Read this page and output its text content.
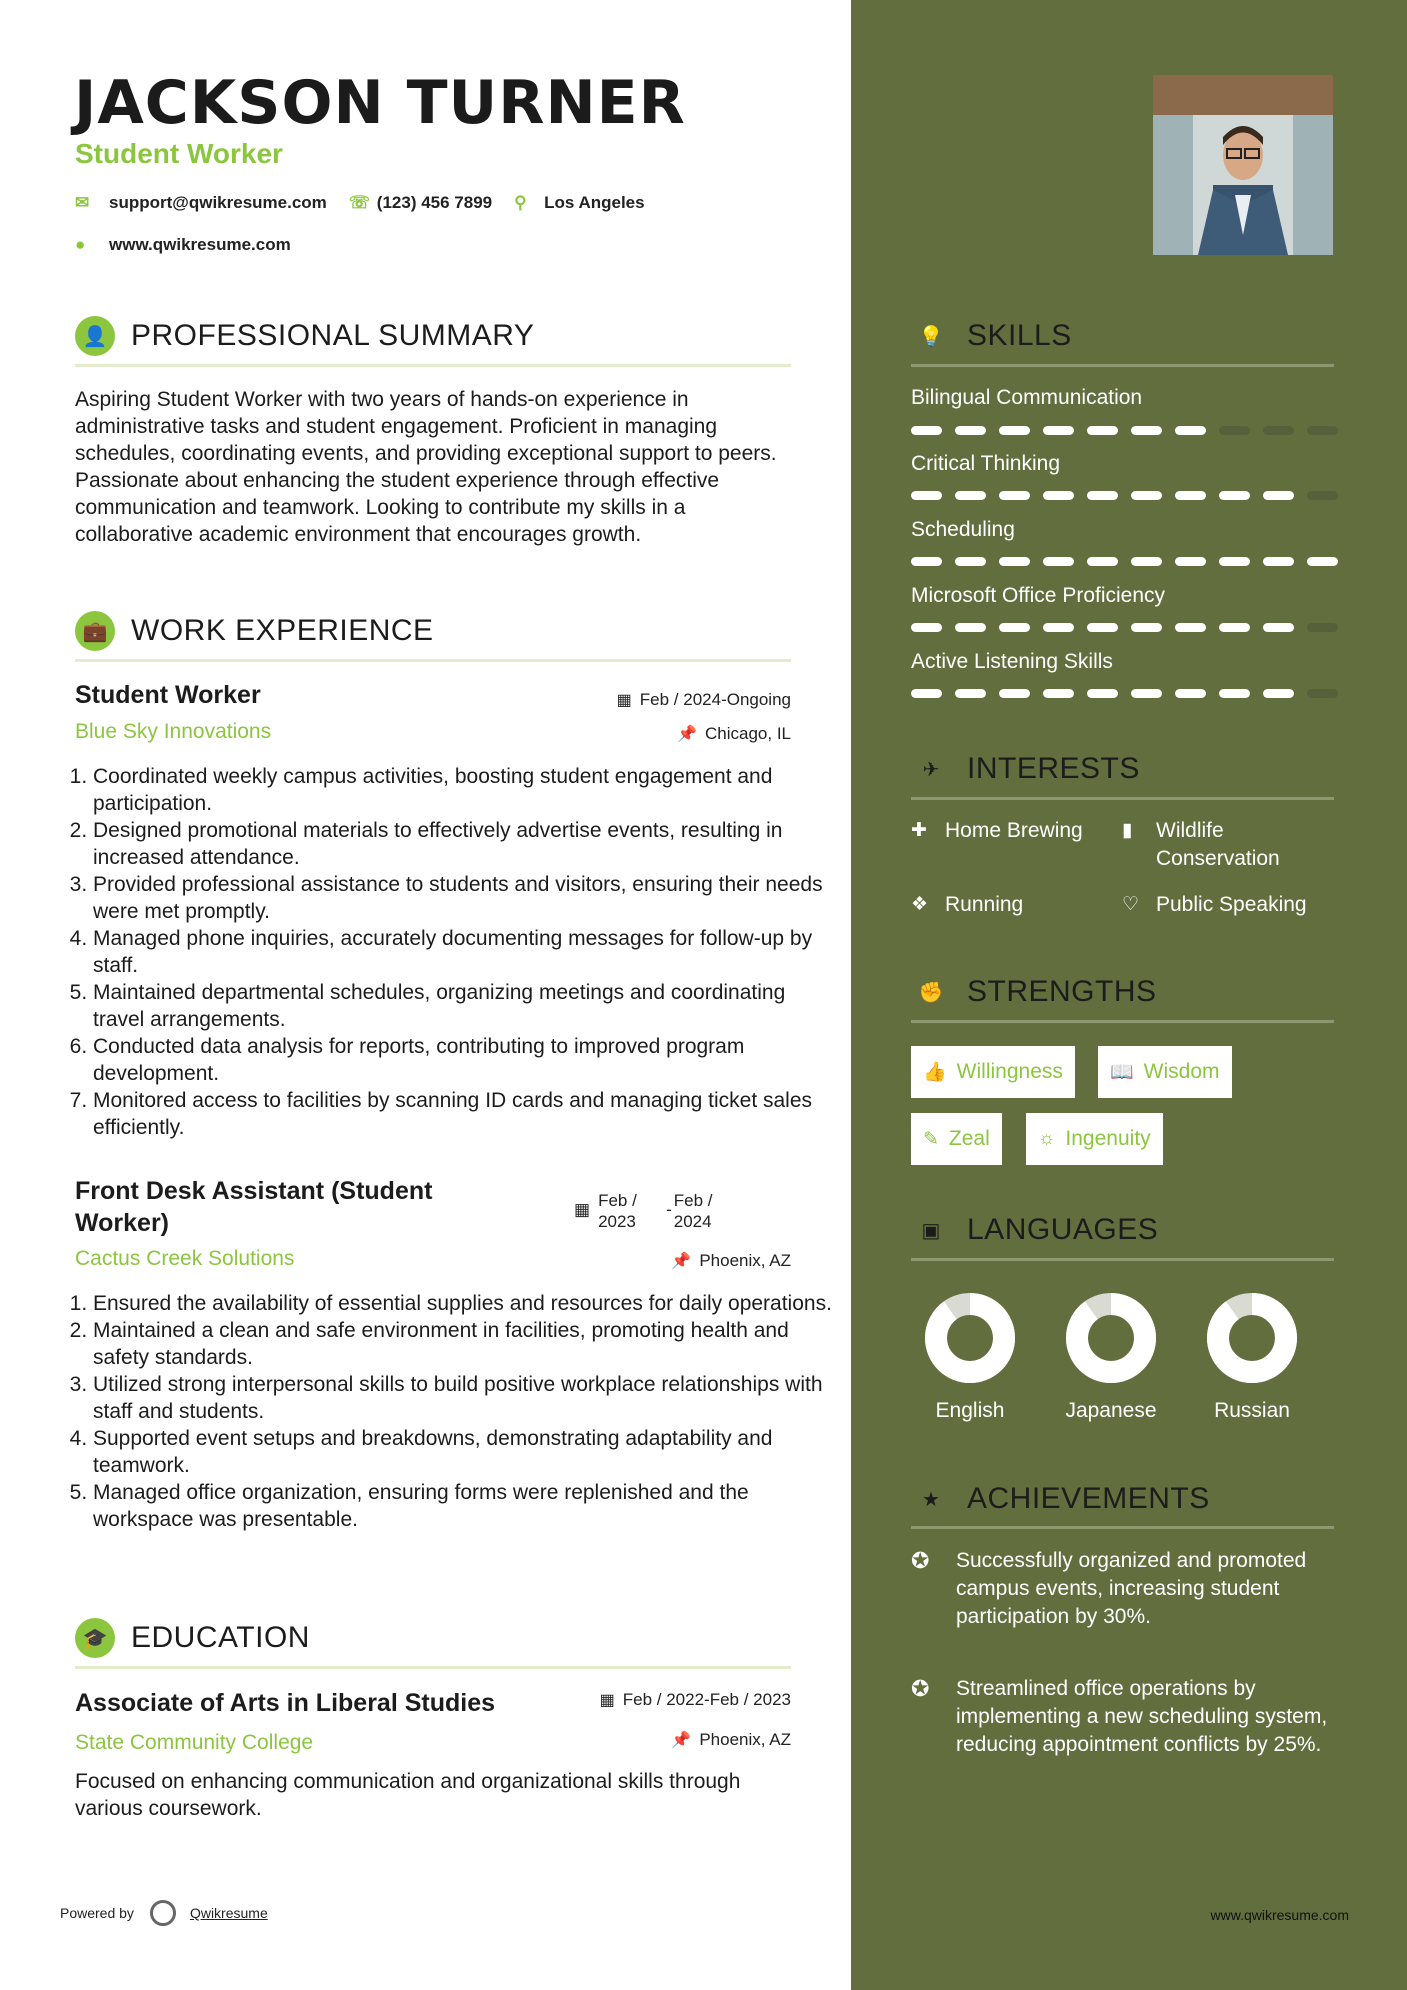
JACKSON TURNER
Student Worker
✉	support@qwikresume.com ☏ (123) 456 7899 ⚲	Los Angeles
●	www.qwikresume.com
👤 PROFESSIONAL SUMMARY
Aspiring Student Worker with two years of hands-on experience in administrative tasks and student engagement. Proficient in managing schedules, coordinating events, and providing exceptional support to peers. Passionate about enhancing the student experience through effective communication and teamwork. Looking to contribute my skills in a collaborative academic environment that encourages growth.
💼 WORK EXPERIENCE
Student Worker	▦ Feb / 2024-Ongoing
Blue Sky Innovations	📌 Chicago, IL
1. Coordinated weekly campus activities, boosting student engagement and participation.
2. Designed promotional materials to effectively advertise events, resulting in increased attendance.
3. Provided professional assistance to students and visitors, ensuring their needs were met promptly.
4. Managed phone inquiries, accurately documenting messages for follow-up by staff.
5. Maintained departmental schedules, organizing meetings and coordinating travel arrangements.
6. Conducted data analysis for reports, contributing to improved program development.
7. Monitored access to facilities by scanning ID cards and managing ticket sales efficiently.
Front Desk Assistant (Student Worker)	▦ Feb / 2023
- Feb / 2024
Cactus Creek Solutions	📌 Phoenix, AZ
1. Ensured the availability of essential supplies and resources for daily operations.
2. Maintained a clean and safe environment in facilities, promoting health and safety standards.
3. Utilized strong interpersonal skills to build positive workplace relationships with staff and students.
4. Supported event setups and breakdowns, demonstrating adaptability and teamwork.
5. Managed office organization, ensuring forms were replenished and the workspace was presentable.
🎓 EDUCATION
Associate of Arts in Liberal Studies	▦ Feb / 2022-Feb / 2023
State Community College	📌 Phoenix, AZ
Focused on enhancing communication and organizational skills through various coursework.
Powered by	Qwikresume
💡 SKILLS
Bilingual Communication
Critical Thinking
Scheduling
Microsoft Office Proficiency
Active Listening Skills
✈ INTERESTS
✚ Home Brewing ▮	Wildlife Conservation
❖ Running	♡ Public Speaking
✊ STRENGTHS
👍 Willingness 📖 Wisdom
✎ Zeal	☼ Ingenuity
▣ LANGUAGES
English	Japanese	Russian
★ ACHIEVEMENTS
✪	Successfully organized and promoted campus events, increasing student participation by 30%.
✪	Streamlined office operations by implementing a new scheduling system, reducing appointment conflicts by 25%.
www.qwikresume.com
